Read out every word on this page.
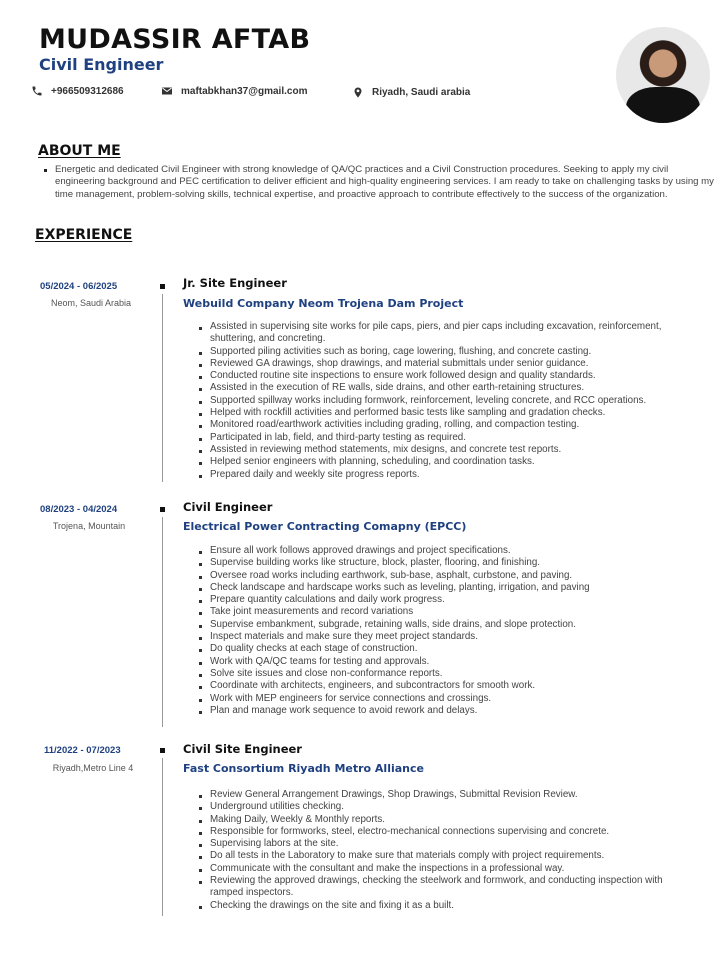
MUDASSIR AFTAB
Civil Engineer
+966509312686	maftabkhan37@gmail.com	Riyadh, Saudi arabia
ABOUT ME
Energetic and dedicated Civil Engineer with strong knowledge of QA/QC practices and a Civil Construction procedures. Seeking to apply my civil engineering background and PEC certification to deliver efficient and high-quality engineering services. I am ready to take on challenging tasks by using my time management, problem-solving skills, technical expertise, and proactive approach to contribute effectively to the success of the organization.
EXPERIENCE
05/2024 - 06/2025
Neom, Saudi Arabia
Jr. Site Engineer
Webuild Company Neom Trojena Dam Project
Assisted in supervising site works for pile caps, piers, and pier caps including excavation, reinforcement, shuttering, and concreting.
Supported piling activities such as boring, cage lowering, flushing, and concrete casting.
Reviewed GA drawings, shop drawings, and material submittals under senior guidance.
Conducted routine site inspections to ensure work followed design and quality standards.
Assisted in the execution of RE walls, side drains, and other earth-retaining structures.
Supported spillway works including formwork, reinforcement, leveling concrete, and RCC operations.
Helped with rockfill activities and performed basic tests like sampling and gradation checks.
Monitored road/earthwork activities including grading, rolling, and compaction testing.
Participated in lab, field, and third-party testing as required.
Assisted in reviewing method statements, mix designs, and concrete test reports.
Helped senior engineers with planning, scheduling, and coordination tasks.
Prepared daily and weekly site progress reports.
08/2023 - 04/2024
Trojena, Mountain
Civil Engineer
Electrical Power Contracting Comapny (EPCC)
Ensure all work follows approved drawings and project specifications.
Supervise building works like structure, block, plaster, flooring, and finishing.
Oversee road works including earthwork, sub-base, asphalt, curbstone, and paving.
Check landscape and hardscape works such as leveling, planting, irrigation, and paving
Prepare quantity calculations and daily work progress.
Take joint measurements and record variations
Supervise embankment, subgrade, retaining walls, side drains, and slope protection.
Inspect materials and make sure they meet project standards.
Do quality checks at each stage of construction.
Work with QA/QC teams for testing and approvals.
Solve site issues and close non-conformance reports.
Coordinate with architects, engineers, and subcontractors for smooth work.
Work with MEP engineers for service connections and crossings.
Plan and manage work sequence to avoid rework and delays.
11/2022 - 07/2023
Riyadh,Metro Line 4
Civil Site Engineer
Fast Consortium Riyadh Metro Alliance
Review General Arrangement Drawings, Shop Drawings, Submittal Revision Review.
Underground utilities checking.
Making Daily, Weekly & Monthly reports.
Responsible for formworks, steel, electro-mechanical connections supervising and concrete.
Supervising labors at the site.
Do all tests in the Laboratory to make sure that materials comply with project requirements.
Communicate with the consultant and make the inspections in a professional way.
Reviewing the approved drawings, checking the steelwork and formwork, and conducting inspection with ramped inspectors.
Checking the drawings on the site and fixing it as a built.
